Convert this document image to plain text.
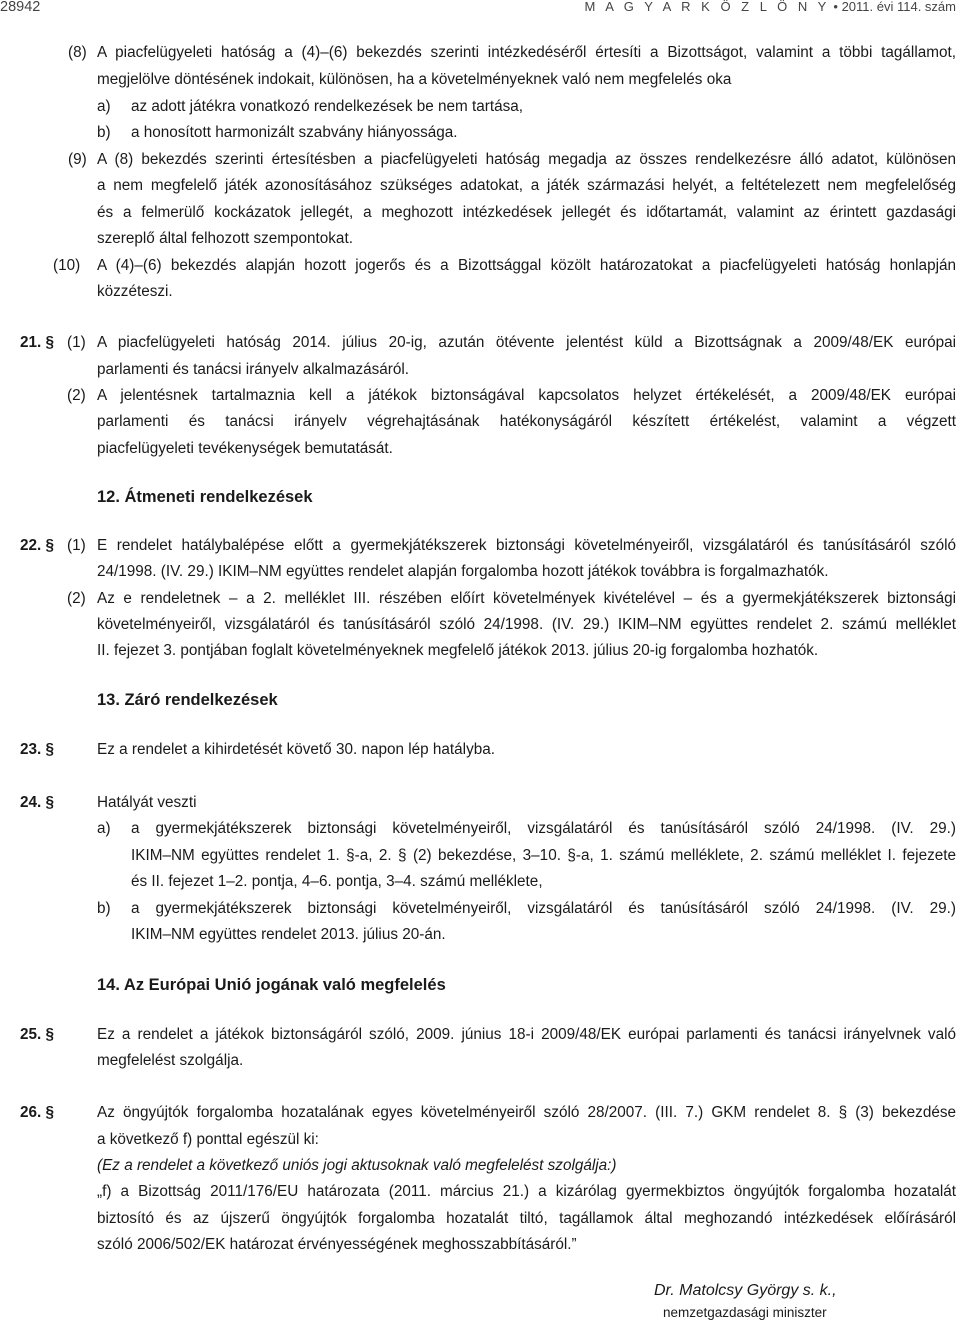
28942	M A G Y A R K Ö Z L Ö N Y • 2011. évi 114. szám
(8) A piacfelügyeleti hatóság a (4)–(6) bekezdés szerinti intézkedéséről értesíti a Bizottságot, valamint a többi tagállamot,
megjelölve döntésének indokait, különösen, ha a követelményeknek való nem megfelelés oka
a) az adott játékra vonatkozó rendelkezések be nem tartása,
b) a honosított harmonizált szabvány hiányossága.
(9) A (8) bekezdés szerinti értesítésben a piacfelügyeleti hatóság megadja az összes rendelkezésre álló adatot, különösen
a nem megfelelő játék azonosításához szükséges adatokat, a játék származási helyét, a feltételezett nem megfelelőség
és a felmerülő kockázatok jellegét, a meghozott intézkedések jellegét és időtartamát, valamint az érintett gazdasági
szereplő által felhozott szempontokat.
(10) A (4)–(6) bekezdés alapján hozott jogerős és a Bizottsággal közölt határozatokat a piacfelügyeleti hatóság honlapján
közzéteszi.
21. § (1) A piacfelügyeleti hatóság 2014. július 20-ig, azután ötévente jelentést küld a Bizottságnak a 2009/48/EK európai
parlamenti és tanácsi irányelv alkalmazásáról.
(2) A jelentésnek tartalmaznia kell a játékok biztonságával kapcsolatos helyzet értékelését, a 2009/48/EK európai
parlamenti és tanácsi irányelv végrehajtásának hatékonyságáról készített értékelést, valamint a végzett
piacfelügyeleti tevékenységek bemutatását.
12. Átmeneti rendelkezések
22. § (1) E rendelet hatálybalépése előtt a gyermekjátékszerek biztonsági követelményeiről, vizsgálatáról és tanúsításáról szóló
24/1998. (IV. 29.) IKIM–NM együttes rendelet alapján forgalomba hozott játékok továbbra is forgalmazhatók.
(2) Az e rendeletnek – a 2. melléklet III. részében előírt követelmények kivételével – és a gyermekjátékszerek biztonsági
követelményeiről, vizsgálatáról és tanúsításáról szóló 24/1998. (IV. 29.) IKIM–NM együttes rendelet 2. számú melléklet
II. fejezet 3. pontjában foglalt követelményeknek megfelelő játékok 2013. július 20-ig forgalomba hozhatók.
13. Záró rendelkezések
23. §	Ez a rendelet a kihirdetését követő 30. napon lép hatályba.
24. §	Hatályát veszti
a) a gyermekjátékszerek biztonsági követelményeiről, vizsgálatáról és tanúsításáról szóló 24/1998. (IV. 29.)
IKIM–NM együttes rendelet 1. §-a, 2. § (2) bekezdése, 3–10. §-a, 1. számú melléklete, 2. számú melléklet I. fejezete
és II. fejezet 1–2. pontja, 4–6. pontja, 3–4. számú melléklete,
b) a gyermekjátékszerek biztonsági követelményeiről, vizsgálatáról és tanúsításáról szóló 24/1998. (IV. 29.)
IKIM–NM együttes rendelet 2013. július 20-án.
14. Az Európai Unió jogának való megfelelés
25. §	Ez a rendelet a játékok biztonságáról szóló, 2009. június 18-i 2009/48/EK európai parlamenti és tanácsi irányelvnek való
megfelelést szolgálja.
26. §	Az öngyújtók forgalomba hozatalának egyes követelményeiről szóló 28/2007. (III. 7.) GKM rendelet 8. § (3) bekezdése
a következő f) ponttal egészül ki:
(Ez a rendelet a következő uniós jogi aktusoknak való megfelelést szolgálja:)
„f) a Bizottság 2011/176/EU határozata (2011. március 21.) a kizárólag gyermekbiztos öngyújtók forgalomba hozatalát
biztosító és az újszerű öngyújtók forgalomba hozatalát tiltó, tagállamok által meghozandó intézkedések előírásáról
szóló 2006/502/EK határozat érvényességének meghosszabbításáról.”
Dr. Matolcsy György s. k.,
nemzetgazdasági miniszter
